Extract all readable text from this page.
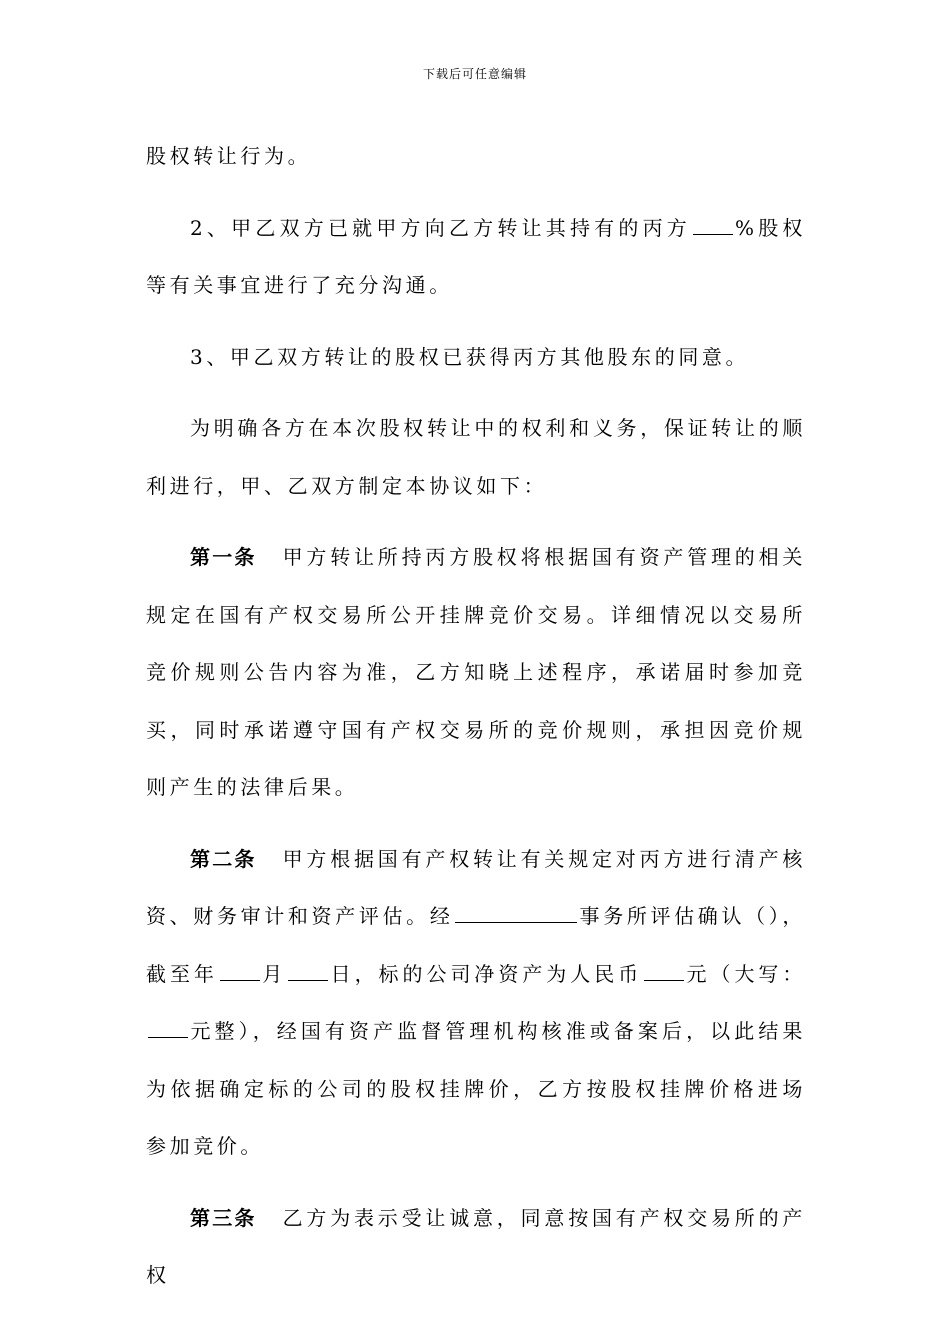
下载后可任意编辑

股权转让行为。

2、甲乙双方已就甲方向乙方转让其持有的丙方 %股权等有关事宜进行了充分沟通。

3、甲乙双方转让的股权已获得丙方其他股东的同意。

为明确各方在本次股权转让中的权利和义务，保证转让的顺利进行，甲、乙双方制定本协议如下：

第一条 甲方转让所持丙方股权将根据国有资产管理的相关规定在国有产权交易所公开挂牌竞价交易。详细情况以交易所竞价规则公告内容为准，乙方知晓上述程序，承诺届时参加竞买，同时承诺遵守国有产权交易所的竞价规则，承担因竞价规则产生的法律后果。

第二条 甲方根据国有产权转让有关规定对丙方进行清产核资、财务审计和资产评估。经	事务所评估确认（），截至年 月 日，标的公司净资产为人民币 元（大写：元整），经国有资产监督管理机构核准或备案后，以此结果为依据确定标的公司的股权挂牌价，乙方按股权挂牌价格进场参加竞价。

第三条 乙方为表示受让诚意，同意按国有产权交易所的产权
